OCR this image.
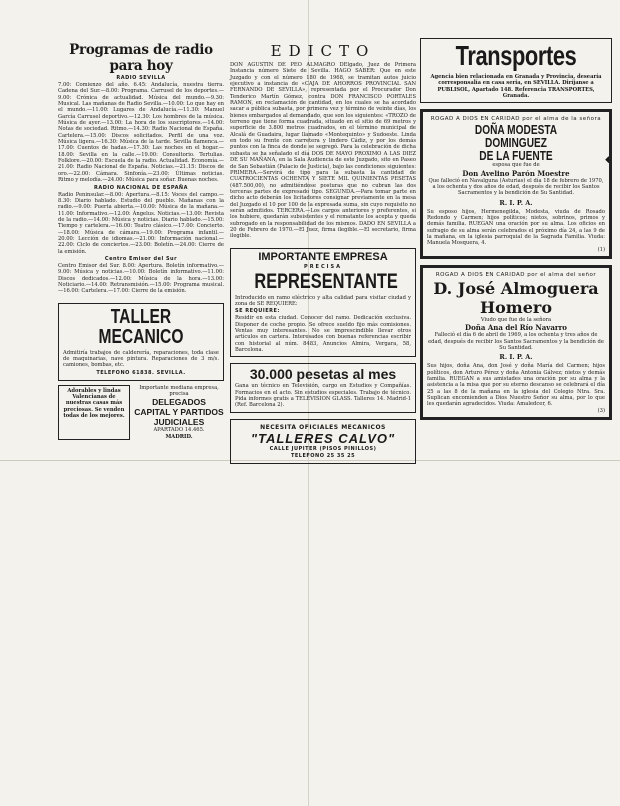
◆
Programas de radio para hoy
RADIO SEVILLA

7.00: Comienzo del año. 6.45: Andalucía, nuestra tierra. Cadena del Sur.—8.00: Programa. Carrusel de los deportes.—9.00: Crónica de actualidad. Música del mundo.—9.30: Musical. Las mañanas de Radio Sevilla.—10.00: Lo que hay en el mundo.—11.00: Lugares de Andalucía.—11.30: Manuel García Carrusel deportivo.—12.30: Los hombres de la música. Música de ayer.—13.00: La hora de los suscriptores.—14.00: Notas de sociedad. Ritmo.—14.30: Radio Nacional de España. Cartelera.—15.00: Discos solicitados. Perfil de una voz. Música ligera.—16.30: Música de la tarde. Sevilla flamenca.—17.00: Cuentos de hadas.—17.30: Las noches en el hogar.—18.00: Sevilla en la calle.—19.00: Consultorio. Tertulias. Folklore.—20.00: Escuela de la radio. Actualidad. Economía.—21.00: Radio Nacional de España. Noticias.—21.15: Discos de oro.—22.00: Cámara. Sinfonía.—23.00: Últimas noticias. Ritmo y melodía.—24.00: Música para soñar. Buenas noches.

RADIO NACIONAL DE ESPAÑA

Radio Peninsular.—8.00: Apertura.—8.15: Voces del campo.—8.30: Diario hablado. Estudio del pueblo. Mañanas con la radio.—9.00: Puerta abierta.—10.00: Música de la mañana.—11.00: Informativo.—12.00: Ángelus. Noticias.—13.00: Revista de la radio.—14.00: Música y noticias. Diario hablado.—15.00: Tiempo y cartelera.—16.00: Teatro clásico.—17.00: Concierto.—18.00: Música de cámara.—19.00: Programa infantil.—20.00: Lección de idiomas.—21.00: Información nacional.—22.00: Ciclo de conciertos.—23.00: Boletín.—24.00: Cierre de la emisión.

Centro Emisor del Sur

Centro Emisor del Sur. 8.00: Apertura. Boletín informativo.—9.00: Música y noticias.—10.00: Boletín informativo.—11.00: Discos dedicados.—12.00: Música de la hora.—13.00: Noticiario.—14.00: Retransmisión.—15.00: Programa musical.—16.00: Cartelera.—17.00: Cierre de la emisión.

TALLER MECANICO

Admitiría trabajos de calderería, reparaciones, toda clase de maquinarias, nave pintura. Reparaciones de 3 m/s. camiones, bombas, etc.

TELEFONO 61838. SEVILLA.

Adorables y lindas Valencianas de nuestras casas más preciosas. Se venden todas de los mejores.

Importante mediana empresa, precisa
DELEGADOS CAPITAL Y PARTIDOS
JUDICIALES
APARTADO 14.465.
MADRID.
EDICTO

DON AGUSTIN DE PEO ALMAGRO DElgado, Juez de Primera Instancia número Siete de Sevilla. HAGO SABER: Que en este Juzgado y con el número 180 de 1968, se tramitan autos juicio ejecutivo a instancia de «CAJA DE AHORROS PROVINCIAL SAN FERNANDO DE SEVILLA», representada por el Procurador Don Tenderico Martín Gómez, contra DON FRANCISCO PORTALES RAMON, en reclamación de cantidad, en los cuales se ha acordado sacar a pública subasta, por primera vez y término de veinte días, los bienes embargados al demandado, que son los siguientes: «TROZO de terreno que tiene forma cuadrada, situado en el sitio de 69 metros y superficie de 3.800 metros cuadrados, en el término municipal de Alcalá de Guadaira, lugar llamado «Montequinto» y Sudoeste. Linda en todo su frente con carretera y lindero Cádiz, y por los demás puntos con la finca de donde se segregó. Para la celebración de dicha subasta se ha señalado el día DOS DE MAYO PROXIMO A LAS DIEZ DE SU MAÑANA, en la Sala Audiencia de este Juzgado, sito en Paseo de San Sebastián (Palacio de Justicia), bajo las condiciones siguientes: PRIMERA.—Servirá de tipo para la subasta la cantidad de CUATROCIENTAS OCHENTA Y SIETE MIL QUINIENTAS PESETAS (487.500,00), no admitiéndose posturas que no cubran las dos terceras partes de expresado tipo. SEGUNDA.—Para tomar parte en dicho acto deberán los licitadores consignar previamente en la mesa del Juzgado el 10 por 100 de la expresada suma, sin cuyo requisito no serán admitidos. TERCERA.—Los cargos anteriores y preferentes, si los hubiere, quedarán subsistentes y el rematante los acepta y queda subrogado en la responsabilidad de los mismos. DADO EN SEVILLA a 20 de Febrero de 1970.—El Juez, firma ilegible.—El secretario, firma ilegible.

IMPORTANTE EMPRESA
PRECISA
REPRESENTANTE

Introducido en ramo eléctrico y alta calidad para visitar ciudad y zona de SE REQUIERE:

SE REQUIERE:

Residir en esta ciudad. Conocer del ramo. Dedicación exclusiva. Disponer de coche propio. Se ofrece sueldo fijo más comisiones. Ventas muy interesantes. No se imprescindible llevar otros artículos en cartera. Interesados con buenas referencias escribir con historial al núm. 8483, Anuncios Almira, Vergara, 58, Barcelona.

30.000 pesetas al mes

Gana un técnico en Televisión, cargo en Estudios y Compañías. Formacios en el acto. Sin estudios especiales. Trabajo de técnico. Pida informes gratis a TELEVISION GLASS. Talleres 14. Madrid-1 (Ref. Barcelona 2).

NECESITA OFICIALES MECANICOS
"TALLERES CALVO"
CALLE JUPITER (PISOS PINILLOS)
TELEFONO 25 35 25
Transportes

Agencia bien relacionada en Granada y Provincia, desearía corresponsalía en casa seria, en SEVILLA. Diríjanse a PUBLISOL, Apartado 148. Referencia TRANSPORTES, Granada.

ROGAD A DIOS EN CARIDAD por el alma de la señora
DOÑA MODESTA DOMINGUEZ
DE LA FUENTE
esposa que fue de
Don Avelino Parón Moestre

Que falleció en Navalguna (Asturias) el día 18 de febrero de 1970, a los ochenta y dos años de edad, después de recibir los Santos Sacramentos y la bendición de Su Santidad.

R. I. P. A.

Su esposo hijos, Hermenegilda, Modesta, viuda de Rosado Redondo y Carmen; hijos políticos; nietos, sobrinos, primos y demás familia. RUEGAN una oración por su alma. Los oficios en sufragio de su alma serán celebrados el próximo día 24, a las 9 de la mañana, en la iglesia parroquial de la Sagrada Familia. Viuda: Manuela Mosquera, 4.

(1)
ROGAD A DIOS EN CARIDAD por el alma del señor
D. José Almoguera
Homero
Viudo que fue de la señora
Doña Ana del Río Navarro

Falleció el día 6 de abril de 1969, a los ochenta y tres años de edad, después de recibir los Santos Sacramentos y la bendición de Su Santidad.

R. I. P. A.

Sus hijos, doña Ana, don José y doña María del Carmen; hijos políticos, don Arturo Pérez y doña Antonia Gálvez; nietos y demás familia. RUEGAN a sus amistades una oración por su alma y la asistencia a la misa que por su eterno descanso se celebrará el día 25 a las 8 de la mañana en la iglesia del Colegio Ntra. Sra. Suplican encomienden a Dios Nuestro Señor su alma, por lo que les quedarán agradecidos. Viuda: Amaledcer, 6.

(3)
